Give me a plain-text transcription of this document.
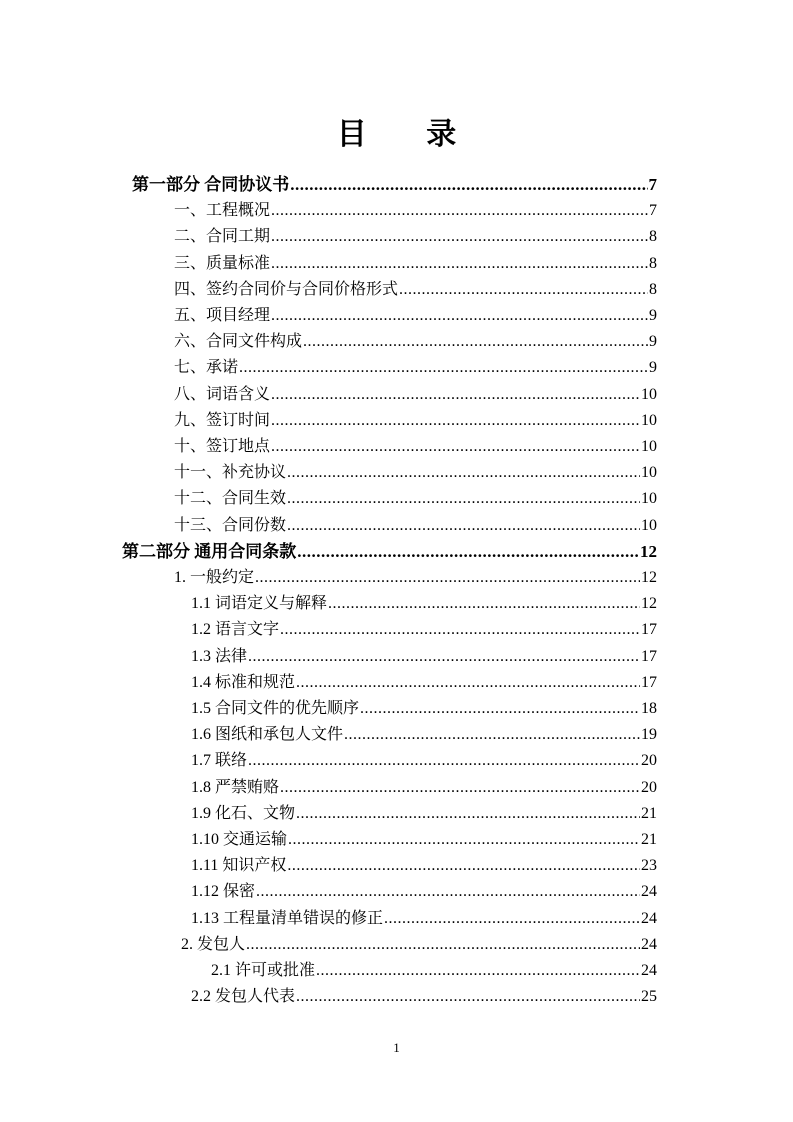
目 录
第一部分 合同协议书 .....	7
一、工程概况 .....	7
二、合同工期 .....	8
三、质量标准 .....	8
四、签约合同价与合同价格形式 .....	8
五、项目经理 .....	9
六、合同文件构成 .....	9
七、承诺 .....	9
八、词语含义 .....	10
九、签订时间 .....	10
十、签订地点 .....	10
十一、补充协议 .....	10
十二、合同生效 .....	10
十三、合同份数 .....	10
第二部分 通用合同条款 .....	12
1. 一般约定 .....	12
1.1 词语定义与解释 .....	12
1.2 语言文字 .....	17
1.3 法律 .....	17
1.4 标准和规范 .....	17
1.5 合同文件的优先顺序 .....	18
1.6 图纸和承包人文件 .....	19
1.7 联络 .....	20
1.8 严禁贿赂 .....	20
1.9 化石、文物 .....	21
1.10 交通运输 .....	21
1.11 知识产权 .....	23
1.12 保密 .....	24
1.13 工程量清单错误的修正 .....	24
2. 发包人 .....	24
2.1 许可或批准 .....	24
2.2 发包人代表 .....	25
1
